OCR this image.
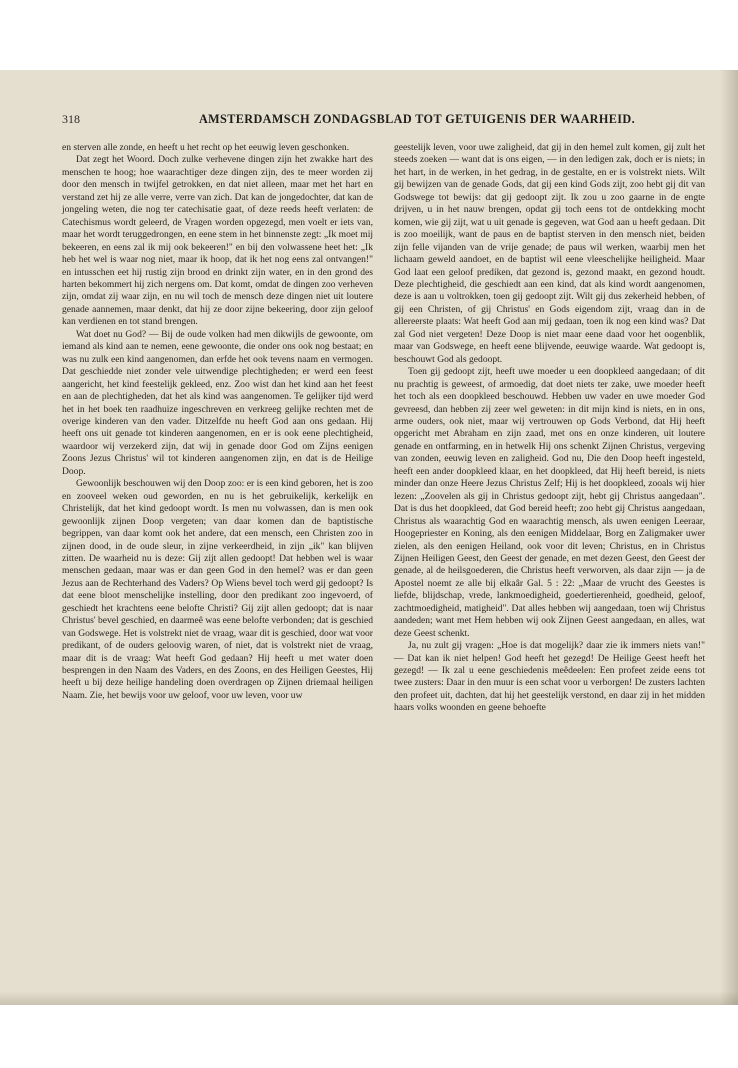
318	AMSTERDAMSCH ZONDAGSBLAD TOT GETUIGENIS DER WAARHEID.

en sterven alle zonde, en heeft u het recht op het eeuwig leven geschonken.

Dat zegt het Woord. Doch zulke verhevene dingen zijn het zwakke hart des menschen te hoog; hoe waarachtiger deze dingen zijn, des te meer worden zij door den mensch in twijfel getrokken, en dat niet alleen, maar met het hart en verstand zet hij ze alle verre, verre van zich. Dat kan de jongedochter, dat kan de jongeling weten, die nog ter catechisatie gaat, of deze reeds heeft verlaten: de Catechismus wordt geleerd, de Vragen worden opgezegd, men voelt er iets van, maar het wordt teruggedrongen, en eene stem in het binnenste zegt: „Ik moet mij bekeeren, en eens zal ik mij ook bekeeren!" en bij den volwassene heet het: „Ik heb het wel is waar nog niet, maar ik hoop, dat ik het nog eens zal ontvangen!" en intusschen eet hij rustig zijn brood en drinkt zijn water, en in den grond des harten bekommert hij zich nergens om. Dat komt, omdat de dingen zoo verheven zijn, omdat zij waar zijn, en nu wil toch de mensch deze dingen niet uit loutere genade aannemen, maar denkt, dat hij ze door zijne bekeering, door zijn geloof kan verdienen en tot stand brengen.

Wat doet nu God? — Bij de oude volken had men dikwijls de gewoonte, om iemand als kind aan te nemen, eene gewoonte, die onder ons ook nog bestaat; en was nu zulk een kind aangenomen, dan erfde het ook tevens naam en vermogen. Dat geschiedde niet zonder vele uitwendige plechtigheden; er werd een feest aangericht, het kind feestelijk gekleed, enz. Zoo wist dan het kind aan het feest en aan de plechtigheden, dat het als kind was aangenomen. Te gelijker tijd werd het in het boek ten raadhuize ingeschreven en verkreeg gelijke rechten met de overige kinderen van den vader. Ditzelfde nu heeft God aan ons gedaan. Hij heeft ons uit genade tot kinderen aangenomen, en er is ook eene plechtigheid, waardoor wij verzekerd zijn, dat wij in genade door God om Zijns eenigen Zoons Jezus Christus' wil tot kinderen aangenomen zijn, en dat is de Heilige Doop.

Gewoonlijk beschouwen wij den Doop zoo: er is een kind geboren, het is zoo en zooveel weken oud geworden, en nu is het gebruikelijk, kerkelijk en Christelijk, dat het kind gedoopt wordt. Is men nu volwassen, dan is men ook gewoonlijk zijnen Doop vergeten; van daar komen dan de baptistische begrippen, van daar komt ook het andere, dat een mensch, een Christen zoo in zijnen dood, in de oude sleur, in zijne verkeerdheid, in zijn „ik" kan blijven zitten. De waarheid nu is deze: Gij zijt allen gedoopt! Dat hebben wel is waar menschen gedaan, maar was er dan geen God in den hemel? was er dan geen Jezus aan de Rechterhand des Vaders? Op Wiens bevel toch werd gij gedoopt? Is dat eene bloot menschelijke instelling, door den predikant zoo ingevoerd, of geschiedt het krachtens eene belofte Christi? Gij zijt allen gedoopt; dat is naar Christus' bevel geschied, en daarmeê was eene belofte verbonden; dat is geschied van Godswege. Het is volstrekt niet de vraag, waar dit is geschied, door wat voor predikant, of de ouders geloovig waren, of niet, dat is volstrekt niet de vraag, maar dit is de vraag: Wat heeft God gedaan? Hij heeft u met water doen besprengen in den Naam des Vaders, en des Zoons, en des Heiligen Geestes, Hij heeft u bij deze heilige handeling doen overdragen op Zijnen driemaal heiligen Naam. Zie, het bewijs voor uw geloof, voor uw leven, voor uw

geestelijk leven, voor uwe zaligheid, dat gij in den hemel zult komen, gij zult het steeds zoeken — want dat is ons eigen, — in den ledigen zak, doch er is niets; in het hart, in de werken, in het gedrag, in de gestalte, en er is volstrekt niets. Wilt gij bewijzen van de genade Gods, dat gij een kind Gods zijt, zoo hebt gij dit van Godswege tot bewijs: dat gij gedoopt zijt. Ik zou u zoo gaarne in de engte drijven, u in het nauw brengen, opdat gij toch eens tot de ontdekking mocht komen, wie gij zijt, wat u uit genade is gegeven, wat God aan u heeft gedaan. Dit is zoo moeilijk, want de paus en de baptist sterven in den mensch niet, beiden zijn felle vijanden van de vrije genade; de paus wil werken, waarbij men het lichaam geweld aandoet, en de baptist wil eene vleeschelijke heiligheid. Maar God laat een geloof prediken, dat gezond is, gezond maakt, en gezond houdt. Deze plechtigheid, die geschiedt aan een kind, dat als kind wordt aangenomen, deze is aan u voltrokken, toen gij gedoopt zijt. Wilt gij dus zekerheid hebben, of gij een Christen, of gij Christus' en Gods eigendom zijt, vraag dan in de allereerste plaats: Wat heeft God aan mij gedaan, toen ik nog een kind was? Dat zal God niet vergeten! Deze Doop is niet maar eene daad voor het oogenblik, maar van Godswege, en heeft eene blijvende, eeuwige waarde. Wat gedoopt is, beschouwt God als gedoopt.

Toen gij gedoopt zijt, heeft uwe moeder u een doopkleed aangedaan; of dit nu prachtig is geweest, of armoedig, dat doet niets ter zake, uwe moeder heeft het toch als een doopkleed beschouwd. Hebben uw vader en uwe moeder God gevreesd, dan hebben zij zeer wel geweten: in dit mijn kind is niets, en in ons, arme ouders, ook niet, maar wij vertrouwen op Gods Verbond, dat Hij heeft opgericht met Abraham en zijn zaad, met ons en onze kinderen, uit loutere genade en ontfarming, en in hetwelk Hij ons schenkt Zijnen Christus, vergeving van zonden, eeuwig leven en zaligheid. God nu, Die den Doop heeft ingesteld, heeft een ander doopkleed klaar, en het doopkleed, dat Hij heeft bereid, is niets minder dan onze Heere Jezus Christus Zelf; Hij is het doopkleed, zooals wij hier lezen: „Zoovelen als gij in Christus gedoopt zijt, hebt gij Christus aangedaan". Dat is dus het doopkleed, dat God bereid heeft; zoo hebt gij Christus aangedaan, Christus als waarachtig God en waarachtig mensch, als uwen eenigen Leeraar, Hoogepriester en Koning, als den eenigen Middelaar, Borg en Zaligmaker uwer zielen, als den eenigen Heiland, ook voor dit leven; Christus, en in Christus Zijnen Heiligen Geest, den Geest der genade, en met dezen Geest, den Geest der genade, al de heilsgoederen, die Christus heeft verworven, als daar zijn — ja de Apostel noemt ze alle bij elkaâr Gal. 5 : 22: „Maar de vrucht des Geestes is liefde, blijdschap, vrede, lankmoedigheid, goedertierenheid, goedheid, geloof, zachtmoedigheid, matigheid". Dat alles hebben wij aangedaan, toen wij Christus aandeden; want met Hem hebben wij ook Zijnen Geest aangedaan, en alles, wat deze Geest schenkt.

Ja, nu zult gij vragen: „Hoe is dat mogelijk? daar zie ik immers niets van!" — Dat kan ik niet helpen! God heeft het gezegd! De Heilige Geest heeft het gezegd! — Ik zal u eene geschiedenis meêdeelen: Een profeet zeide eens tot twee zusters: Daar in den muur is een schat voor u verborgen! De zusters lachten den profeet uit, dachten, dat hij het geestelijk verstond, en daar zij in het midden haars volks woonden en geene behoefte
